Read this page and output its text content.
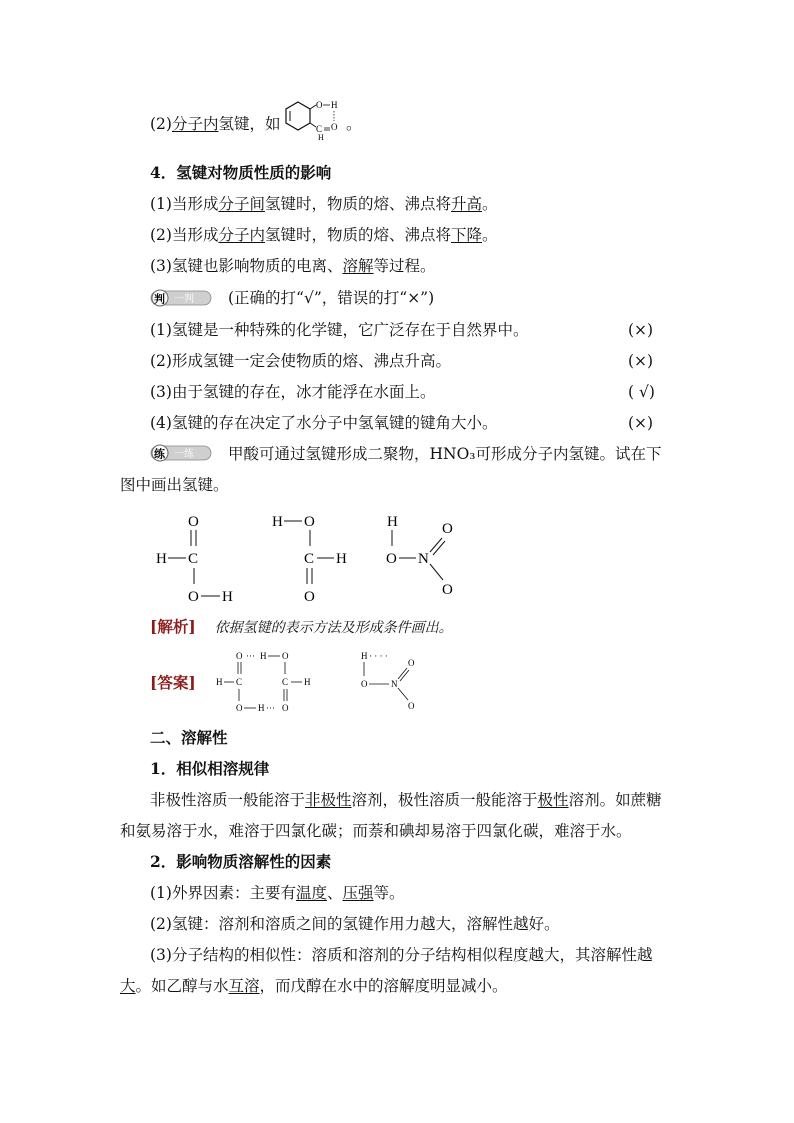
(2)分子内氢键，如
O H
C O
H
。
4．氢键对物质性质的影响
(1)当形成分子间氢键时，物质的熔、沸点将升高。
(2)当形成分子内氢键时，物质的熔、沸点将下降。
(3)氢键也影响物质的电离、溶解等过程。
判 一判 (正确的打“√”，错误的打“×”)
(1)氢键是一种特殊的化学键，它广泛存在于自然界中。	(×)
(2)形成氢键一定会使物质的熔、沸点升高。	(×)
(3)由于氢键的存在，冰才能浮在水面上。	( √)
(4)氢键的存在决定了水分子中氢氧键的键角大小。	(×)
练 一练 甲酸可通过氢键形成二聚物，HNO₃可形成分子内氢键。试在下
图中画出氢键。
O
H C
O H
H O
C H
O
H
O N
O
O
[解析] 依据氢键的表示方法及形成条件画出。
[答案]
O ··· H O
H C	C H
O H ··· O
H · · · ·
O
O	N
O
二、溶解性
1．相似相溶规律
非极性溶质一般能溶于非极性溶剂，极性溶质一般能溶于极性溶剂。如蔗糖
和氨易溶于水，难溶于四氯化碳；而萘和碘却易溶于四氯化碳，难溶于水。
2．影响物质溶解性的因素
(1)外界因素：主要有温度、压强等。
(2)氢键：溶剂和溶质之间的氢键作用力越大，溶解性越好。
(3)分子结构的相似性：溶质和溶剂的分子结构相似程度越大，其溶解性越
大。如乙醇与水互溶，而戊醇在水中的溶解度明显减小。
